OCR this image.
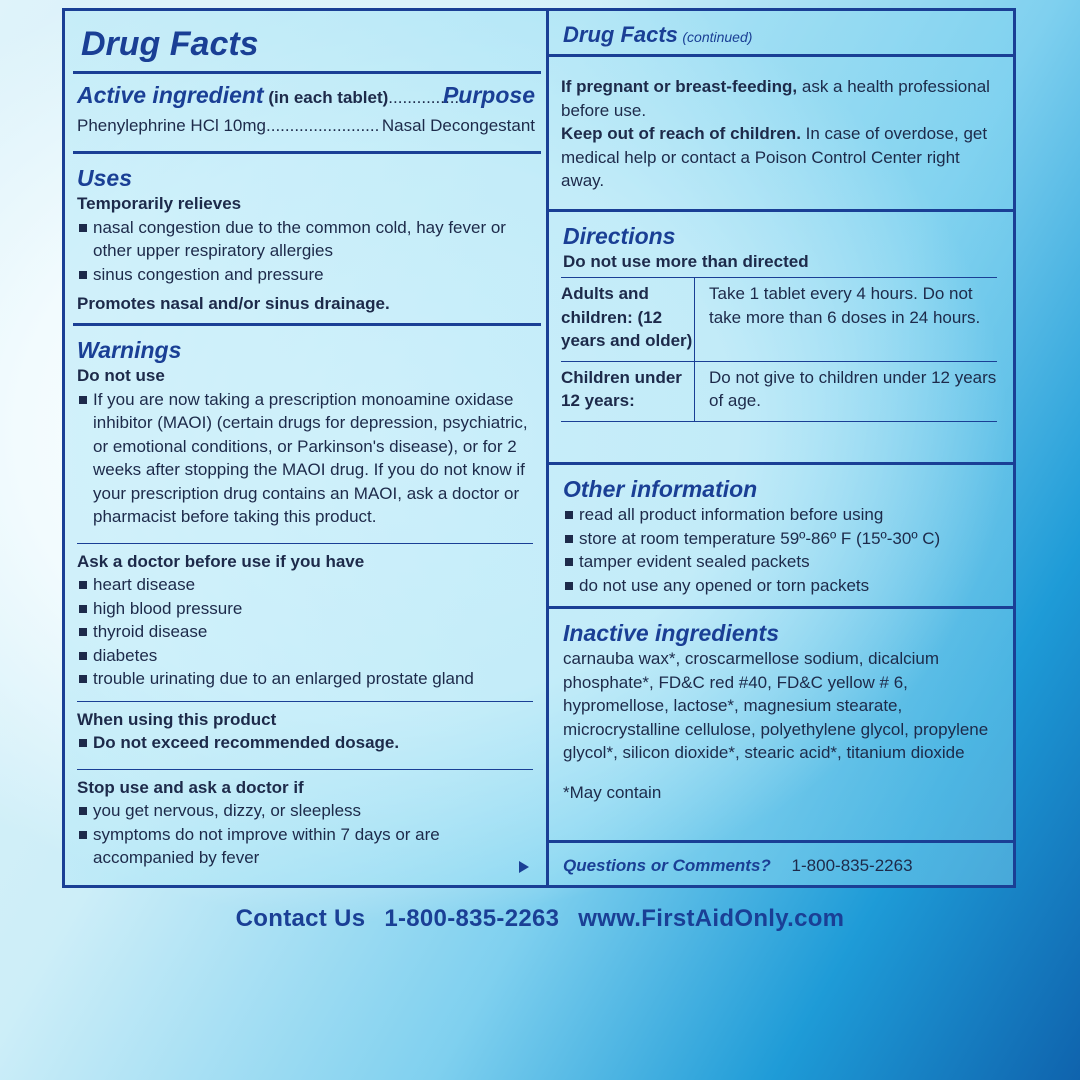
Drug Facts
Active ingredient (in each tablet)...............
Purpose
Phenylephrine HCl 10mg........................ Nasal Decongestant
Uses
Temporarily relieves
nasal congestion due to the common cold, hay fever or other upper respiratory allergies
sinus congestion and pressure
Promotes nasal and/or sinus drainage.
Warnings
Do not use
If you are now taking a prescription monoamine oxidase inhibitor (MAOI) (certain drugs for depression, psychiatric, or emotional conditions, or Parkinson's disease), or for 2 weeks after stopping the MAOI drug. If you do not know if your prescription drug contains an MAOI, ask a doctor or pharmacist before taking this product.
Ask a doctor before use if you have
heart disease
high blood pressure
thyroid disease
diabetes
trouble urinating due to an enlarged prostate gland
When using this product
Do not exceed recommended dosage.
Stop use and ask a doctor if
you get nervous, dizzy, or sleepless
symptoms do not improve within 7 days or are accompanied by fever
Drug Facts (continued)
If pregnant or breast-feeding, ask a health professional before use.
Keep out of reach of children. In case of overdose, get medical help or contact a Poison Control Center right away.
Directions
Do not use more than directed
Adults and children: (12 years and older)
Take 1 tablet every 4 hours. Do not take more than 6 doses in 24 hours.
Children under 12 years:
Do not give to children under 12 years of age.
Other information
read all product information before using
store at room temperature 59º-86º F (15º-30º C)
tamper evident sealed packets
do not use any opened or torn packets
Inactive ingredients
carnauba wax*, croscarmellose sodium, dicalcium phosphate*, FD&C red #40, FD&C yellow # 6, hypromellose, lactose*, magnesium stearate, microcrystalline cellulose, polyethylene glycol, propylene glycol*, silicon dioxide*, stearic acid*, titanium dioxide
*May contain
Questions or Comments? 1-800-835-2263
Contact Us 1-800-835-2263 www.FirstAidOnly.com
